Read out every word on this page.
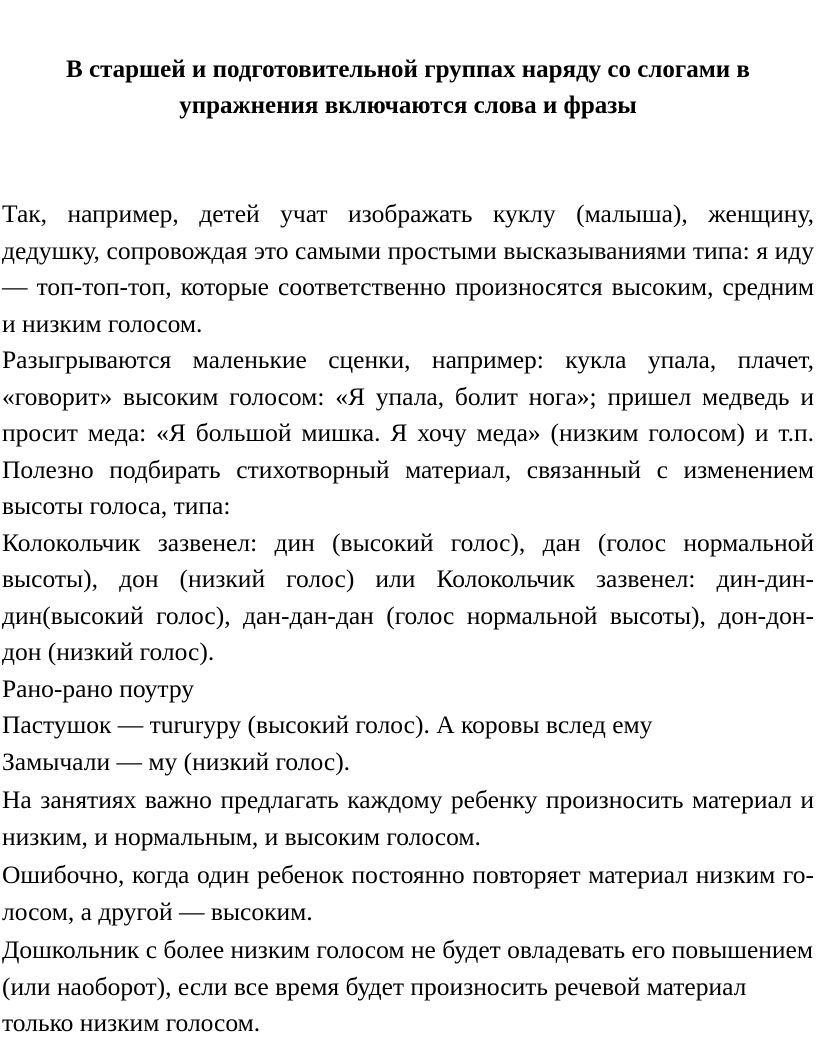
В старшей и подготовительной группах наряду со слогами в
упражнения включаются слова и фразы

Так, например, детей учат изображать куклу (малыша), женщину, дедушку, сопровождая это самыми простыми высказываниями типа: я иду — топ-топ-топ, которые соответственно произносятся высоким, средним и низким голосом.

Разыгрываются маленькие сценки, например: кукла упала, плачет, «говорит» высоким голосом: «Я упала, болит нога»; пришел медведь и просит меда: «Я большой мишка. Я хочу меда» (низким голосом) и т.п. Полезно подбирать стихотворный материал, связанный с изменением высоты голоса, типа:

Колокольчик зазвенел: дин (высокий голос), дан (голос нормальной высоты), дон (низкий голос) или Колокольчик зазвенел: дин-дин-дин(высокий голос), дан-дан-дан (голос нормальной высоты), дон-дон-дон (низкий голос).

Рано-рано поутру

Пастушок — тururуру (высокий голос). А коровы вслед ему

Замычали — му (низкий голос).

На занятиях важно предлагать каждому ребенку произносить материал и низким, и нормальным, и высоким голосом.

Ошибочно, когда один ребенок постоянно повторяет материал низким го- лосом, а другой — высоким.

Дошкольник с более низким голосом не будет овладевать его повышением (или наоборот), если все время будет произносить речевой материал только низким голосом.
